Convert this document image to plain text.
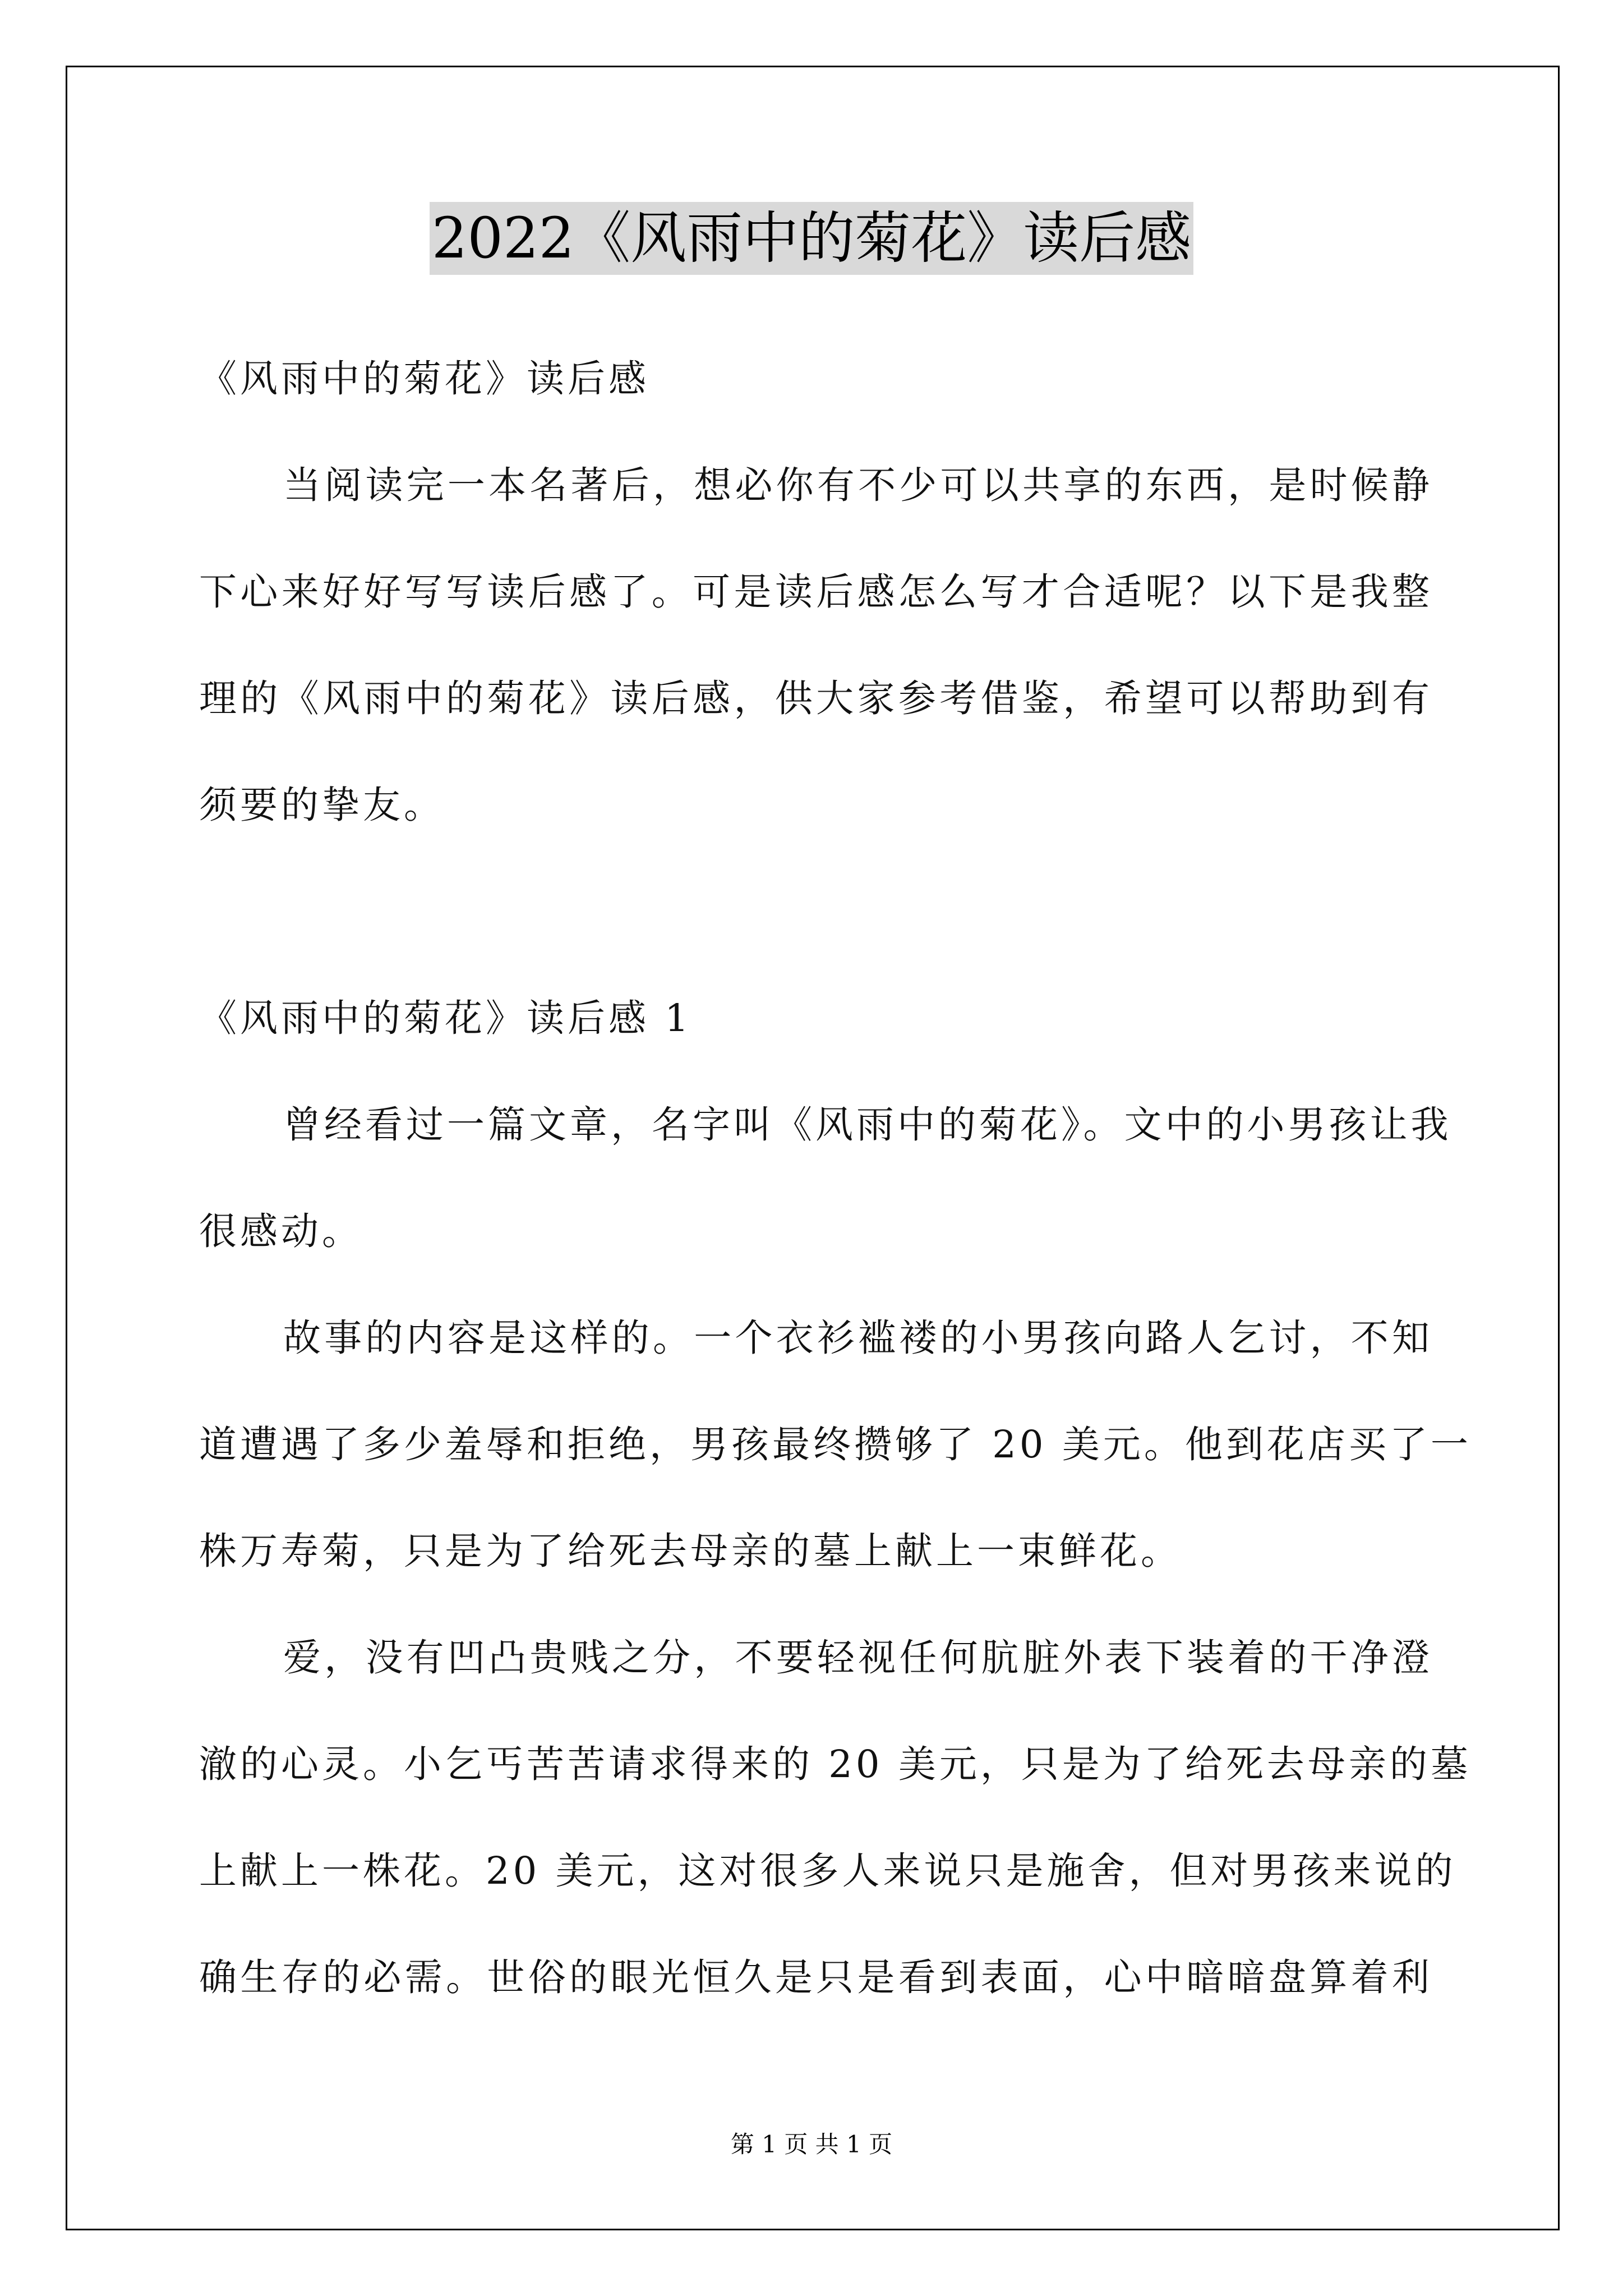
2022《风雨中的菊花》读后感
《风雨中的菊花》读后感
当阅读完一本名著后，想必你有不少可以共享的东西，是时候静
下心来好好写写读后感了。可是读后感怎么写才合适呢？以下是我整
理的《风雨中的菊花》读后感，供大家参考借鉴，希望可以帮助到有
须要的挚友。
《风雨中的菊花》读后感 1
曾经看过一篇文章，名字叫《风雨中的菊花》。文中的小男孩让我
很感动。
故事的内容是这样的。一个衣衫褴褛的小男孩向路人乞讨，不知
道遭遇了多少羞辱和拒绝，男孩最终攒够了 20 美元。他到花店买了一
株万寿菊，只是为了给死去母亲的墓上献上一束鲜花。
爱，没有凹凸贵贱之分，不要轻视任何肮脏外表下装着的干净澄
澈的心灵。小乞丐苦苦请求得来的 20 美元，只是为了给死去母亲的墓
上献上一株花。20 美元，这对很多人来说只是施舍，但对男孩来说的
确生存的必需。世俗的眼光恒久是只是看到表面，心中暗暗盘算着利
第 1 页 共 1 页
